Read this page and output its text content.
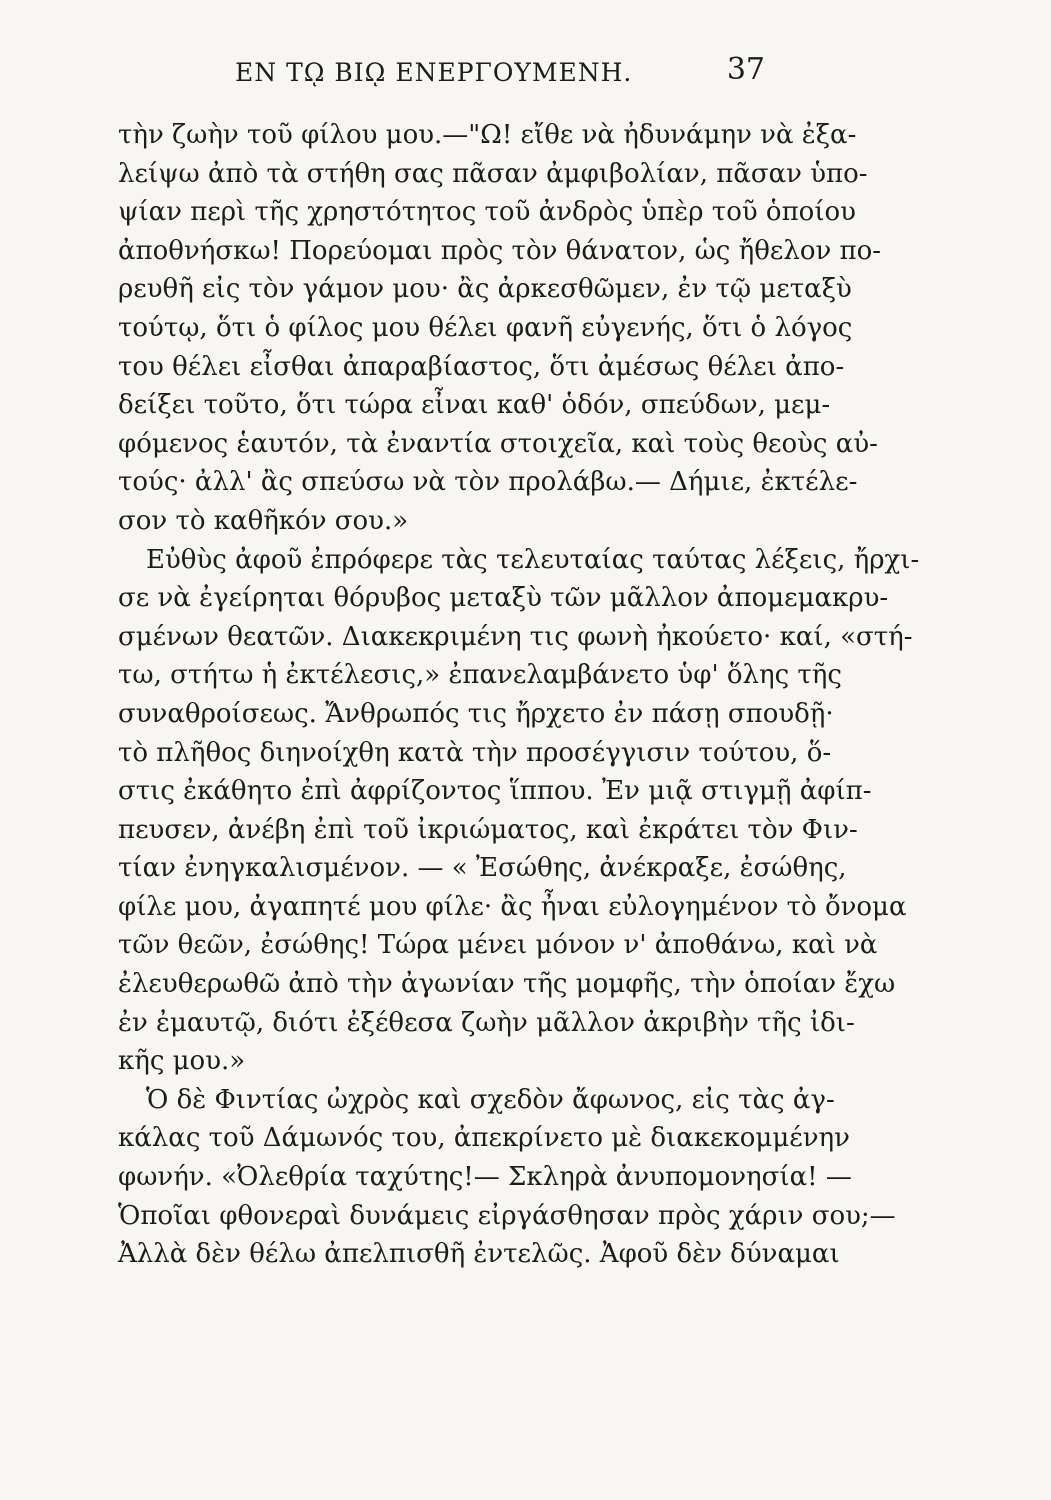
ΕΝ Τῼ ΒΙῼ ΕΝΕΡΓΟΥΜΕΝΗ.	37
τὴν ζωὴν τοῦ φίλου μου.—"Ω! εἴθε νὰ ἠδυνάμην νὰ ἐξα-
λείψω ἀπὸ τὰ στήθη σας πᾶσαν ἀμφιβολίαν, πᾶσαν ὑπο-
ψίαν περὶ τῆς χρηστότητος τοῦ ἀνδρὸς ὑπὲρ τοῦ ὁποίου
ἀποθνήσκω! Πορεύομαι πρὸς τὸν θάνατον, ὡς ἤθελον πο-
ρευθῆ εἰς τὸν γάμον μου· ἂς ἀρκεσθῶμεν, ἐν τῷ μεταξὺ
τούτῳ, ὅτι ὁ φίλος μου θέλει φανῆ εὐγενής, ὅτι ὁ λόγος
του θέλει εἶσθαι ἀπαραβίαστος, ὅτι ἀμέσως θέλει ἀπο-
δείξει τοῦτο, ὅτι τώρα εἶναι καθ' ὁδόν, σπεύδων, μεμ-
φόμενος ἑαυτόν, τὰ ἐναντία στοιχεῖα, καὶ τοὺς θεοὺς αὐ-
τούς· ἀλλ' ἂς σπεύσω νὰ τὸν προλάβω.— Δήμιε, ἐκτέλε-
σον τὸ καθῆκόν σου.»
Εὐθὺς ἀφοῦ ἐπρόφερε τὰς τελευταίας ταύτας λέξεις, ἤρχι-
σε νὰ ἐγείρηται θόρυβος μεταξὺ τῶν μᾶλλον ἀπομεμακρυ-
σμένων θεατῶν. Διακεκριμένη τις φωνὴ ἠκούετο· καί, «στή-
τω, στήτω ἡ ἐκτέλεσις,» ἐπανελαμβάνετο ὑφ' ὅλης τῆς
συναθροίσεως. Ἄνθρωπός τις ἤρχετο ἐν πάσῃ σπουδῇ·
τὸ πλῆθος διηνοίχθη κατὰ τὴν προσέγγισιν τούτου, ὅ-
στις ἐκάθητο ἐπὶ ἀφρίζοντος ἵππου. Ἐν μιᾷ στιγμῇ ἀφίπ-
πευσεν, ἀνέβη ἐπὶ τοῦ ἰκριώματος, καὶ ἐκράτει τὸν Φιν-
τίαν ἐνηγκαλισμένον. — « Ἐσώθης, ἀνέκραξε, ἐσώθης,
φίλε μου, ἀγαπητέ μου φίλε· ἂς ἦναι εὐλογημένον τὸ ὄνομα
τῶν θεῶν, ἐσώθης! Τώρα μένει μόνον ν' ἀποθάνω, καὶ νὰ
ἐλευθερωθῶ ἀπὸ τὴν ἀγωνίαν τῆς μομφῆς, τὴν ὁποίαν ἔχω
ἐν ἐμαυτῷ, διότι ἐξέθεσα ζωὴν μᾶλλον ἀκριβὴν τῆς ἰδι-
κῆς μου.»
Ὁ δὲ Φιντίας ὠχρὸς καὶ σχεδὸν ἄφωνος, εἰς τὰς ἀγ-
κάλας τοῦ Δάμωνός του, ἀπεκρίνετο μὲ διακεκομμένην
φωνήν. «Ὀλεθρία ταχύτης!— Σκληρὰ ἀνυπομονησία! —
Ὁποῖαι φθονεραὶ δυνάμεις εἰργάσθησαν πρὸς χάριν σου;—
Ἀλλὰ δὲν θέλω ἀπελπισθῆ ἐντελῶς. Ἀφοῦ δὲν δύναμαι
